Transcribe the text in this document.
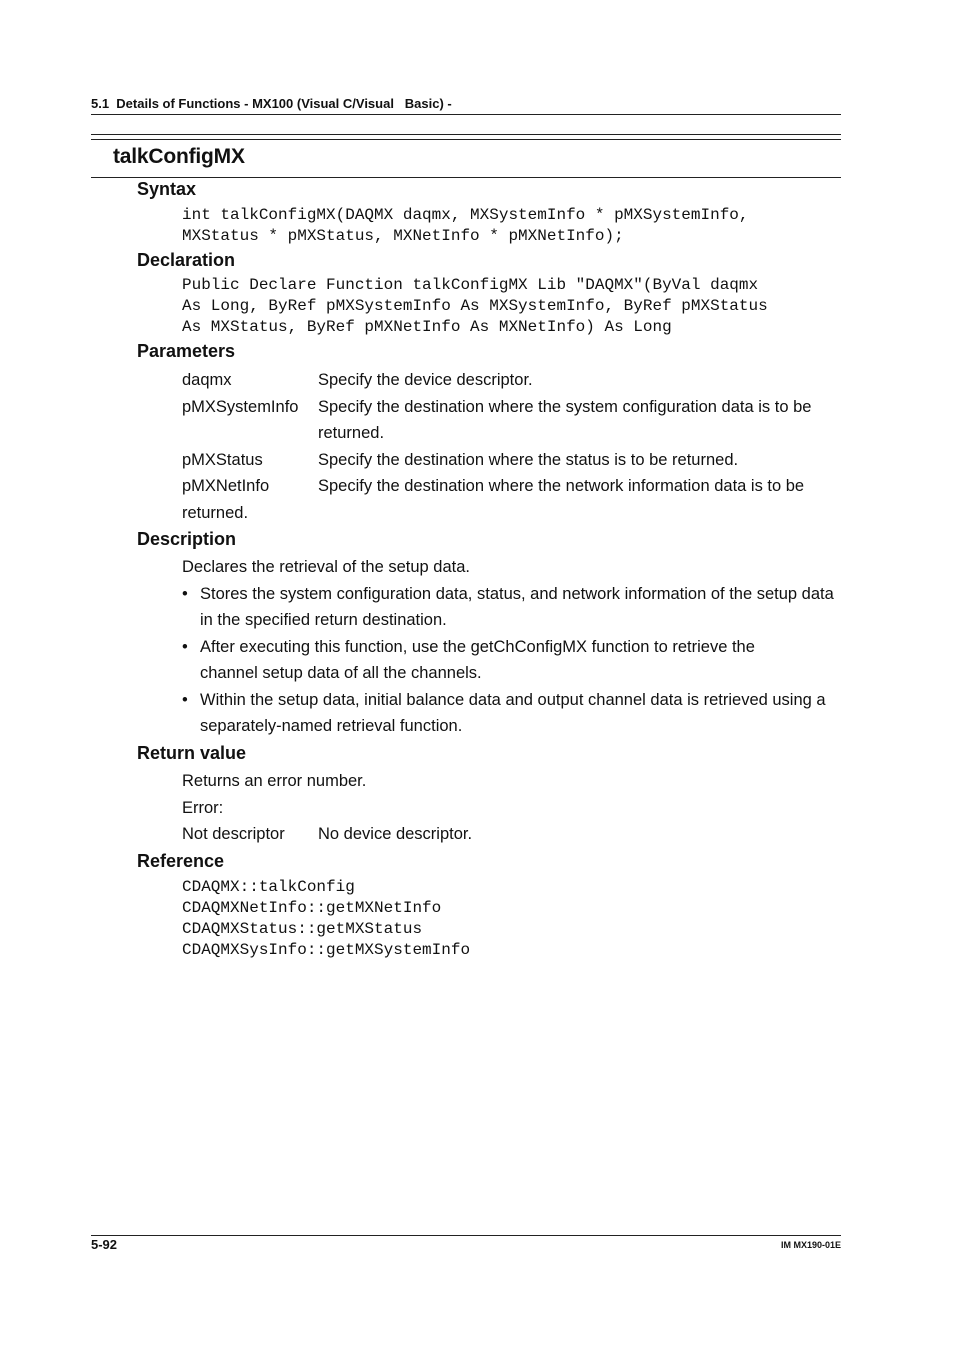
5.1  Details of Functions - MX100 (Visual C/Visual   Basic) -
talkConfigMX
Syntax
int talkConfigMX(DAQMX daqmx, MXSystemInfo * pMXSystemInfo,
MXStatus * pMXStatus, MXNetInfo * pMXNetInfo);
Declaration
Public Declare Function talkConfigMX Lib "DAQMX"(ByVal daqmx
As Long, ByRef pMXSystemInfo As MXSystemInfo, ByRef pMXStatus
As MXStatus, ByRef pMXNetInfo As MXNetInfo) As Long
Parameters
daqmx	Specify the device descriptor.
pMXSystemInfo Specify the destination where the system configuration data is to be returned.
pMXStatus	Specify the destination where the status is to be returned.
pMXNetInfo	Specify the destination where the network information data is to be
returned.
Description

Declares the retrieval of the setup data.

• Stores the system configuration data, status, and network information of the setup data in the specified return destination.
• After executing this function, use the getChConfigMX function to retrieve the channel setup data of all the channels.
• Within the setup data, initial balance data and output channel data is retrieved using a separately-named retrieval function.
Return value

Returns an error number.

Error:

Not descriptor No device descriptor.
Reference
CDAQMX::talkConfig
CDAQMXNetInfo::getMXNetInfo
CDAQMXStatus::getMXStatus
CDAQMXSysInfo::getMXSystemInfo
5-92	IM MX190-01E
